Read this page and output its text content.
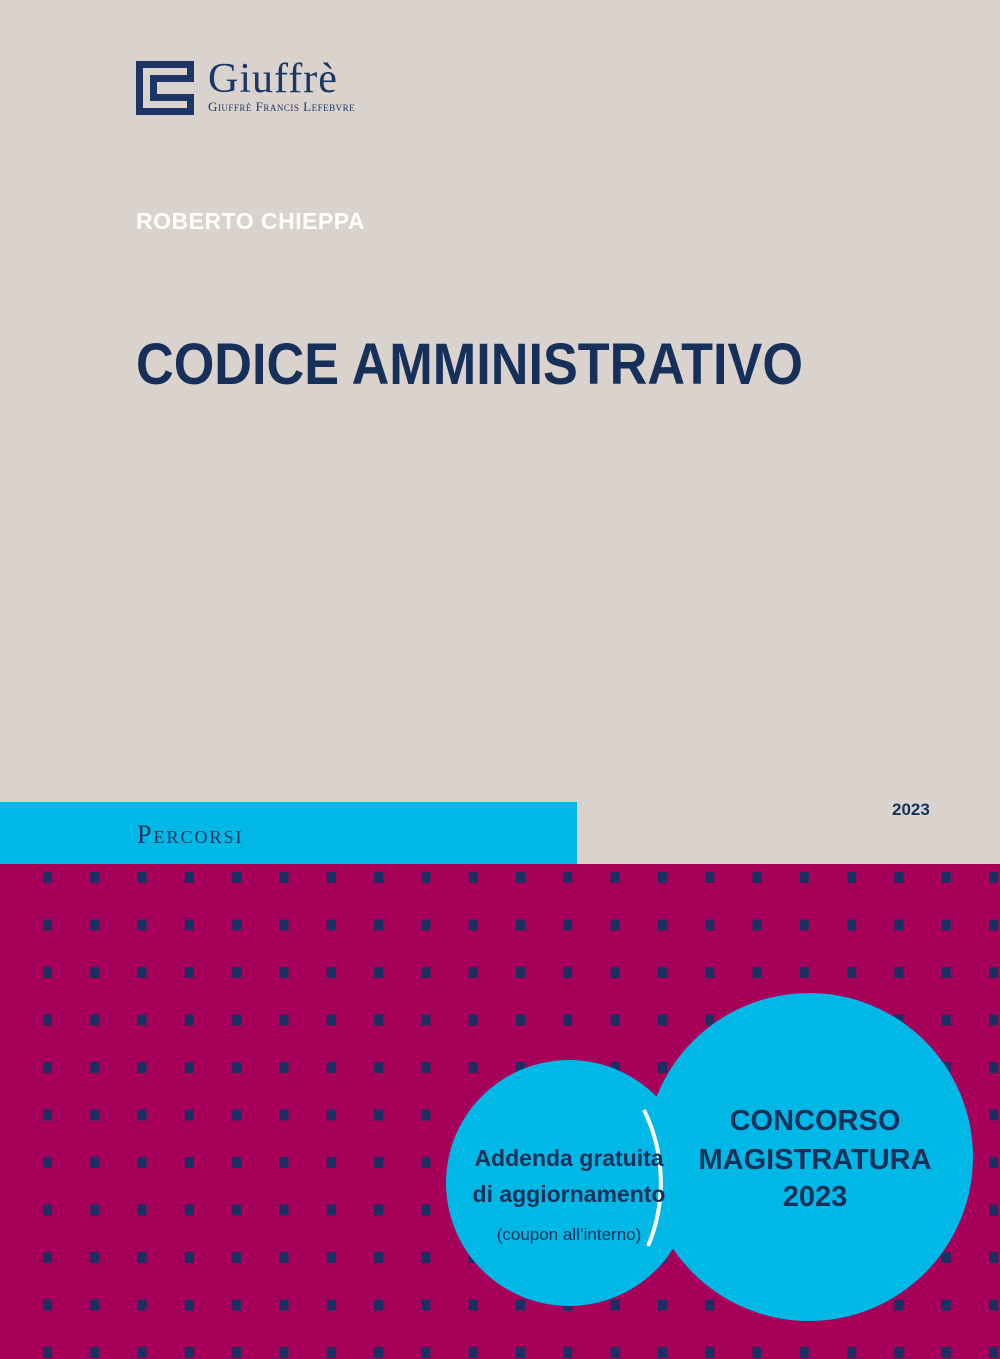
Giuffrè
Giuffrè Francis Lefebvre
ROBERTO CHIEPPA
CODICE AMMINISTRATIVO
Percorsi
2023
Addenda gratuita
di aggiornamento
(coupon all’interno)
CONCORSO
MAGISTRATURA
2023
